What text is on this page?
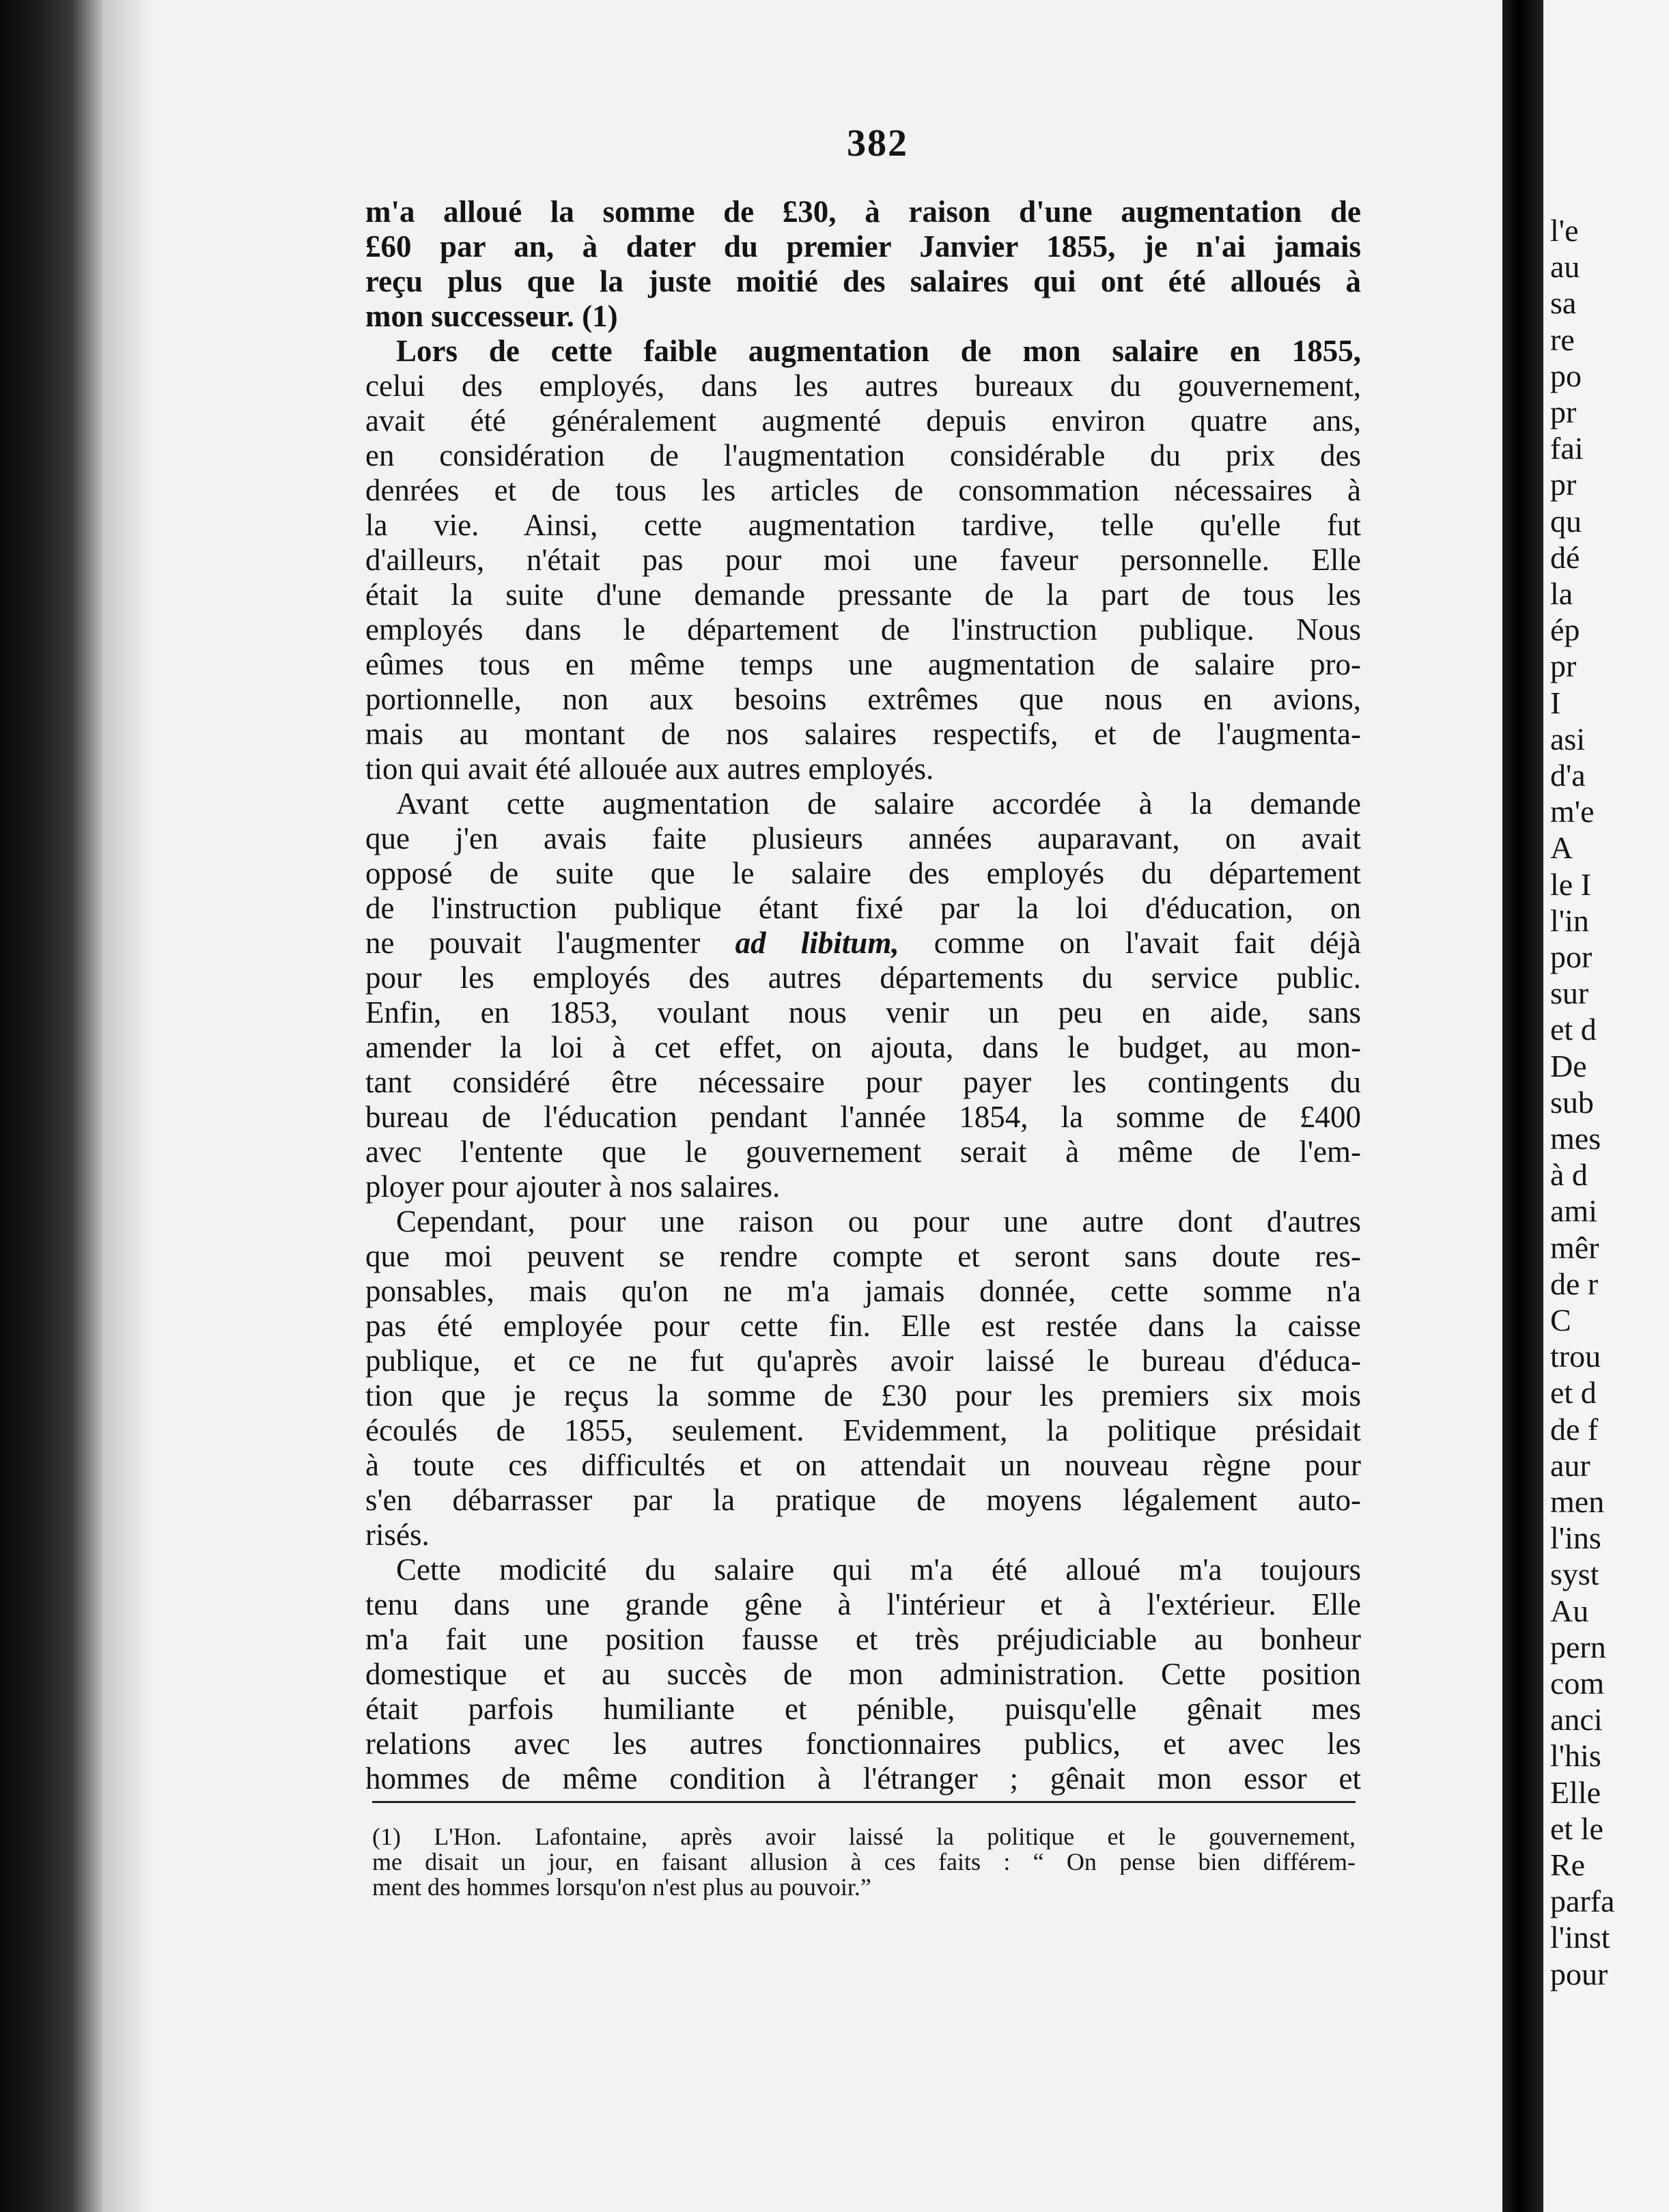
l'e
au
sa
re
po
pr
fai
pr
qu
dé
la
ép
pr
I
asi
d'a
m'e
A
le I
l'in
por
sur
et d
De
sub
mes
à d
ami
mêr
de r
C
trou
et d
de f
aur
men
l'ins
syst
Au
pern
com
anci
l'his
Elle
et le
Re
parfa
l'inst
pour
382
m'a alloué la somme de £30, à raison d'une augmentation de
£60 par an, à dater du premier Janvier 1855, je n'ai jamais
reçu plus que la juste moitié des salaires qui ont été alloués à
mon successeur. (1)
Lors de cette faible augmentation de mon salaire en 1855,
celui des employés, dans les autres bureaux du gouvernement,
avait été généralement augmenté depuis environ quatre ans,
en considération de l'augmentation considérable du prix des
denrées et de tous les articles de consommation nécessaires à
la vie. Ainsi, cette augmentation tardive, telle qu'elle fut
d'ailleurs, n'était pas pour moi une faveur personnelle. Elle
était la suite d'une demande pressante de la part de tous les
employés dans le département de l'instruction publique. Nous
eûmes tous en même temps une augmentation de salaire pro-
portionnelle, non aux besoins extrêmes que nous en avions,
mais au montant de nos salaires respectifs, et de l'augmenta-
tion qui avait été allouée aux autres employés.
Avant cette augmentation de salaire accordée à la demande
que j'en avais faite plusieurs années auparavant, on avait
opposé de suite que le salaire des employés du département
de l'instruction publique étant fixé par la loi d'éducation, on
ne pouvait l'augmenter ad libitum, comme on l'avait fait déjà
pour les employés des autres départements du service public.
Enfin, en 1853, voulant nous venir un peu en aide, sans
amender la loi à cet effet, on ajouta, dans le budget, au mon-
tant considéré être nécessaire pour payer les contingents du
bureau de l'éducation pendant l'année 1854, la somme de £400
avec l'entente que le gouvernement serait à même de l'em-
ployer pour ajouter à nos salaires.
Cependant, pour une raison ou pour une autre dont d'autres
que moi peuvent se rendre compte et seront sans doute res-
ponsables, mais qu'on ne m'a jamais donnée, cette somme n'a
pas été employée pour cette fin. Elle est restée dans la caisse
publique, et ce ne fut qu'après avoir laissé le bureau d'éduca-
tion que je reçus la somme de £30 pour les premiers six mois
écoulés de 1855, seulement. Evidemment, la politique présidait
à toute ces difficultés et on attendait un nouveau règne pour
s'en débarrasser par la pratique de moyens légalement auto-
risés.
Cette modicité du salaire qui m'a été alloué m'a toujours
tenu dans une grande gêne à l'intérieur et à l'extérieur. Elle
m'a fait une position fausse et très préjudiciable au bonheur
domestique et au succès de mon administration. Cette position
était parfois humiliante et pénible, puisqu'elle gênait mes
relations avec les autres fonctionnaires publics, et avec les
hommes de même condition à l'étranger ; gênait mon essor et
(1) L'Hon. Lafontaine, après avoir laissé la politique et le gouvernement,
me disait un jour, en faisant allusion à ces faits : “ On pense bien différem-
ment des hommes lorsqu'on n'est plus au pouvoir.”
